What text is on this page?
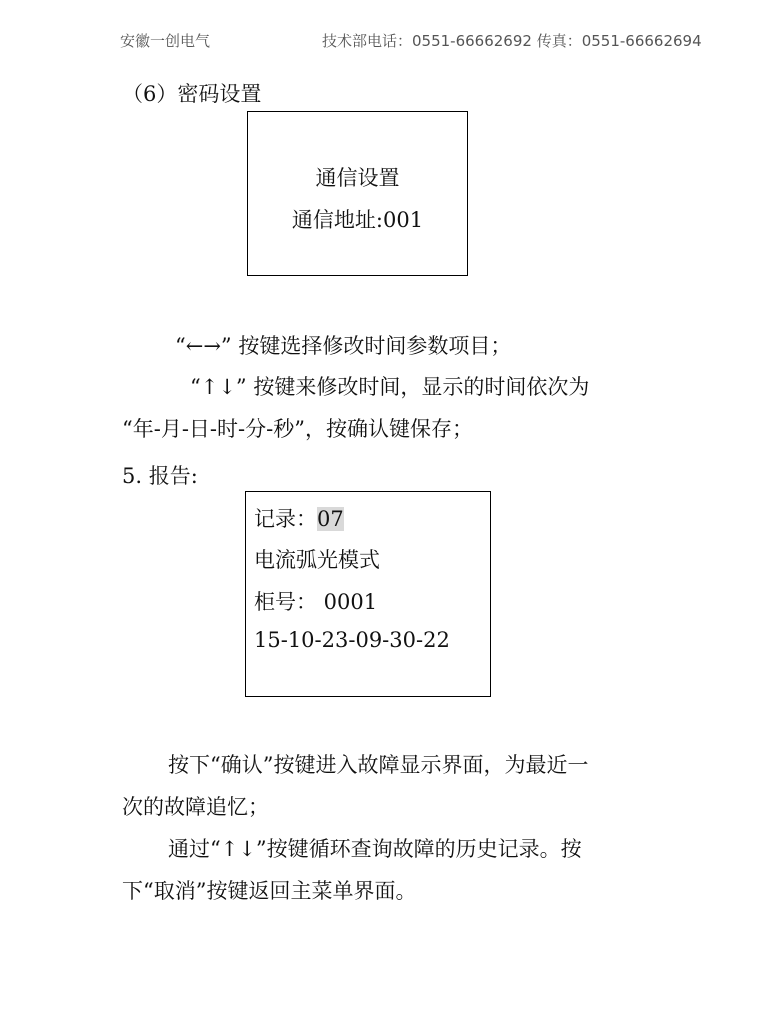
安徽一创电气	技术部电话：0551-66662692 传真：0551-66662694
（6）密码设置
通信设置
通信地址:001
“←→” 按键选择修改时间参数项目；
“↑↓” 按键来修改时间，显示的时间依次为
“年-月-日-时-分-秒”，按确认键保存；
5. 报告:
记录：07
电流弧光模式
柜号： 0001
15-10-23-09-30-22
按下“确认”按键进入故障显示界面，为最近一
次的故障追忆；
通过“↑↓”按键循环查询故障的历史记录。按
下“取消”按键返回主菜单界面。
